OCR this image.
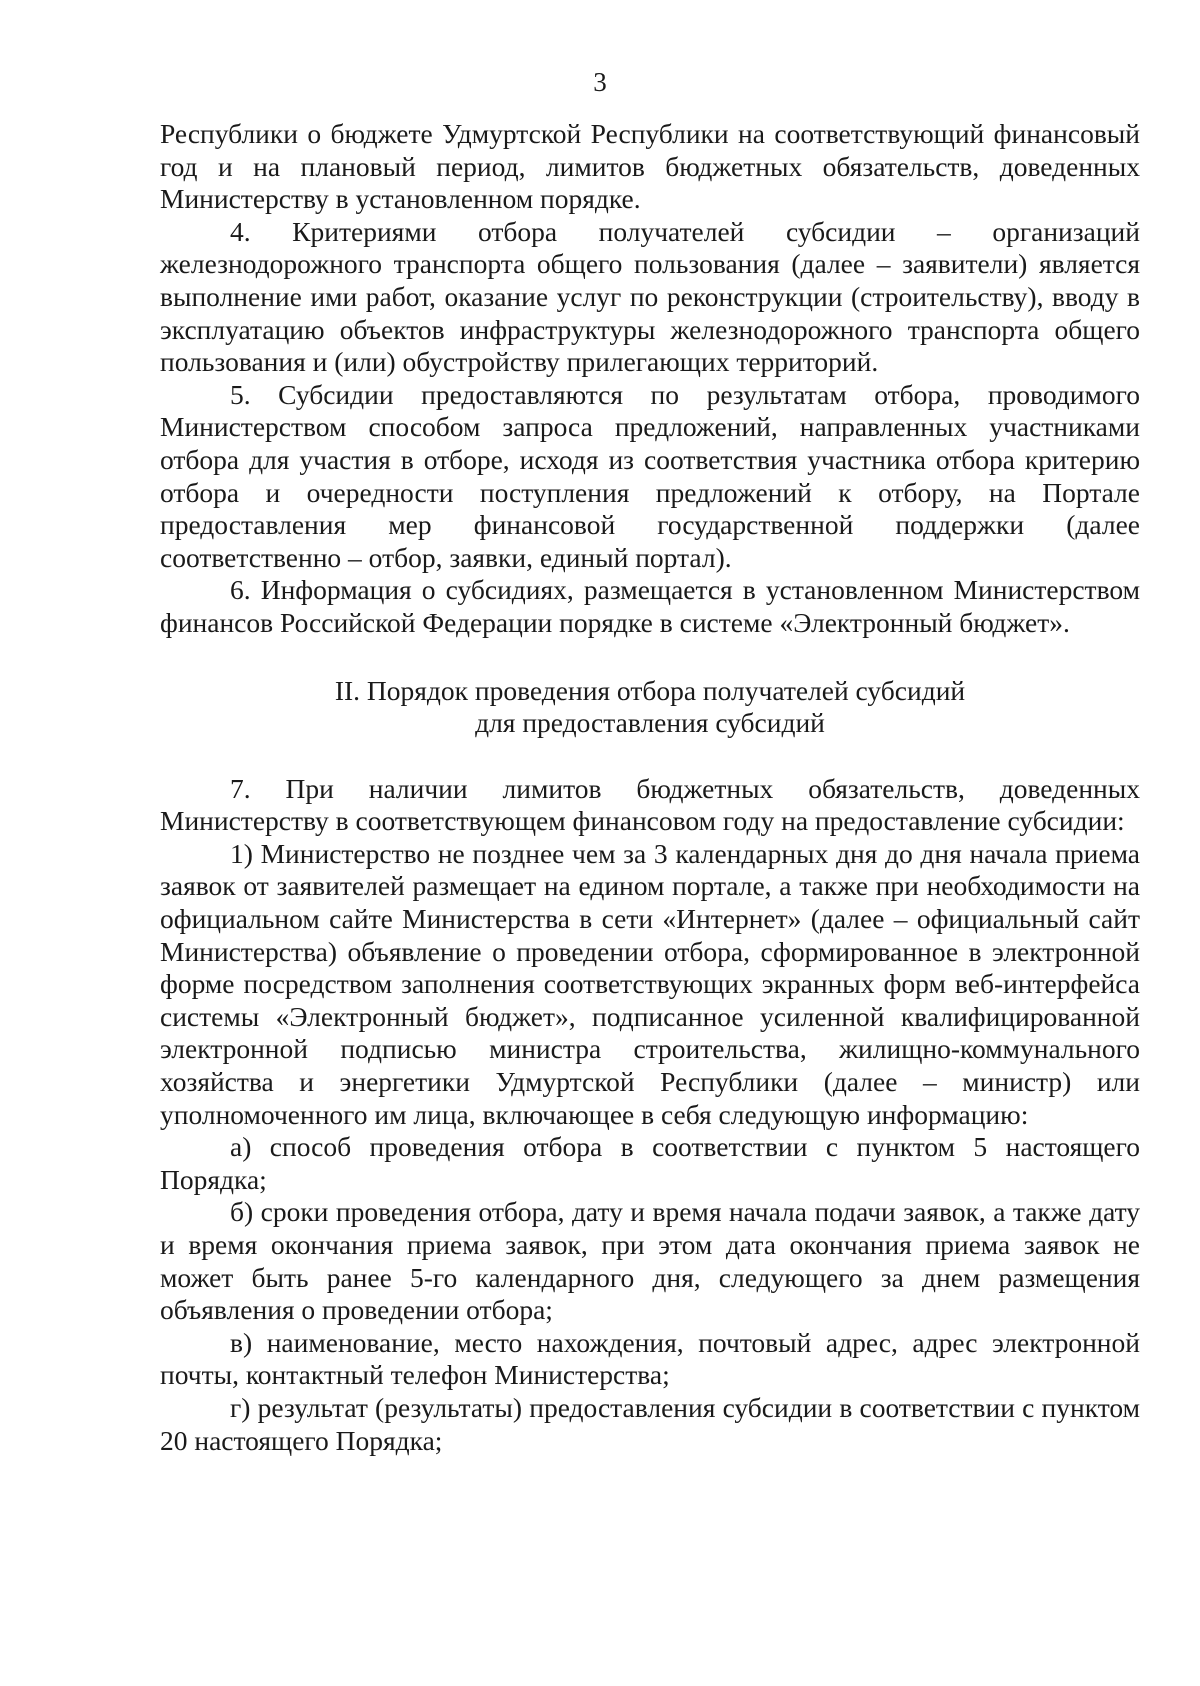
3

Республики о бюджете Удмуртской Республики на соответствующий финансовый год и на плановый период, лимитов бюджетных обязательств, доведенных Министерству в установленном порядке.

4. Критериями отбора получателей субсидии – организаций железнодорожного транспорта общего пользования (далее – заявители) является выполнение ими работ, оказание услуг по реконструкции (строительству), вводу в эксплуатацию объектов инфраструктуры железнодорожного транспорта общего пользования и (или) обустройству прилегающих территорий.

5. Субсидии предоставляются по результатам отбора, проводимого Министерством способом запроса предложений, направленных участниками отбора для участия в отборе, исходя из соответствия участника отбора критерию отбора и очередности поступления предложений к отбору, на Портале предоставления мер финансовой государственной поддержки (далее соответственно – отбор, заявки, единый портал).

6. Информация о субсидиях, размещается в установленном Министерством финансов Российской Федерации порядке в системе «Электронный бюджет».

II. Порядок проведения отбора получателей субсидий
для предоставления субсидий

7. При наличии лимитов бюджетных обязательств, доведенных Министерству в соответствующем финансовом году на предоставление субсидии:

1) Министерство не позднее чем за 3 календарных дня до дня начала приема заявок от заявителей размещает на едином портале, а также при необходимости на официальном сайте Министерства в сети «Интернет» (далее – официальный сайт Министерства) объявление о проведении отбора, сформированное в электронной форме посредством заполнения соответствующих экранных форм веб-интерфейса системы «Электронный бюджет», подписанное усиленной квалифицированной электронной подписью министра строительства, жилищно-коммунального хозяйства и энергетики Удмуртской Республики (далее – министр) или уполномоченного им лица, включающее в себя следующую информацию:

а) способ проведения отбора в соответствии с пунктом 5 настоящего Порядка;

б) сроки проведения отбора, дату и время начала подачи заявок, а также дату и время окончания приема заявок, при этом дата окончания приема заявок не может быть ранее 5-го календарного дня, следующего за днем размещения объявления о проведении отбора;

в) наименование, место нахождения, почтовый адрес, адрес электронной почты, контактный телефон Министерства;

г) результат (результаты) предоставления субсидии в соответствии с пунктом 20 настоящего Порядка;
